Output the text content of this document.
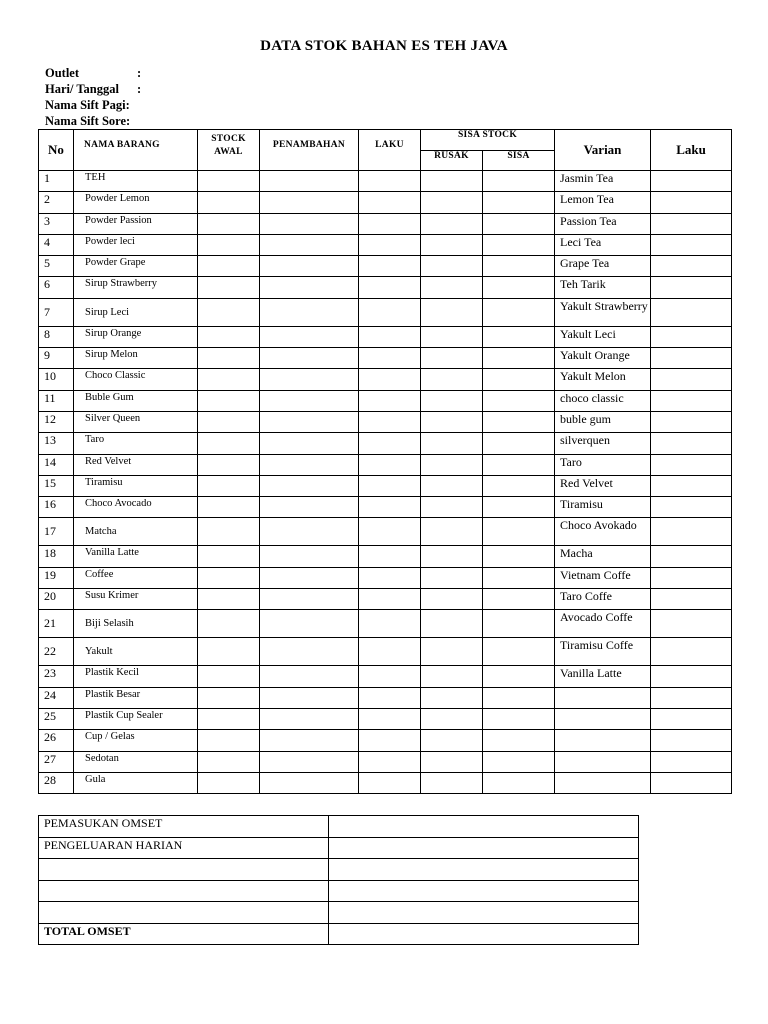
DATA STOK BAHAN ES TEH JAVA
Outlet	:
Hari/ Tanggal	:
Nama Sift Pagi :
Nama Sift Sore :
No	NAMA BARANG	STOCK
AWAL	PENAMBAHAN	LAKU	SISA STOCK		Varian	Laku
					RUSAK	SISA		
1	TEH						Jasmin Tea	
2	Powder Lemon						Lemon Tea	
3	Powder Passion						Passion Tea	
4	Powder leci						Leci Tea	
5	Powder Grape						Grape Tea	
6	Sirup Strawberry						Teh Tarik	
7	Sirup Leci						Yakult Strawberry	
8	Sirup Orange						Yakult Leci	
9	Sirup Melon						Yakult Orange	
10	Choco Classic						Yakult Melon	
11	Buble Gum						choco classic	
12	Silver Queen						buble gum	
13	Taro						silverquen	
14	Red Velvet						Taro	
15	Tiramisu						Red Velvet	
16	Choco Avocado						Tiramisu	
17	Matcha						Choco Avokado	
18	Vanilla Latte						Macha	
19	Coffee						Vietnam Coffe	
20	Susu Krimer						Taro Coffe	
21	Biji Selasih						Avocado Coffe	
22	Yakult						Tiramisu Coffe	
23	Plastik Kecil						Vanilla Latte	
24	Plastik Besar							
25	Plastik Cup Sealer							
26	Cup / Gelas							
27	Sedotan							
28	Gula							
PEMASUKAN OMSET	
PENGELUARAN HARIAN	

TOTAL OMSET	
